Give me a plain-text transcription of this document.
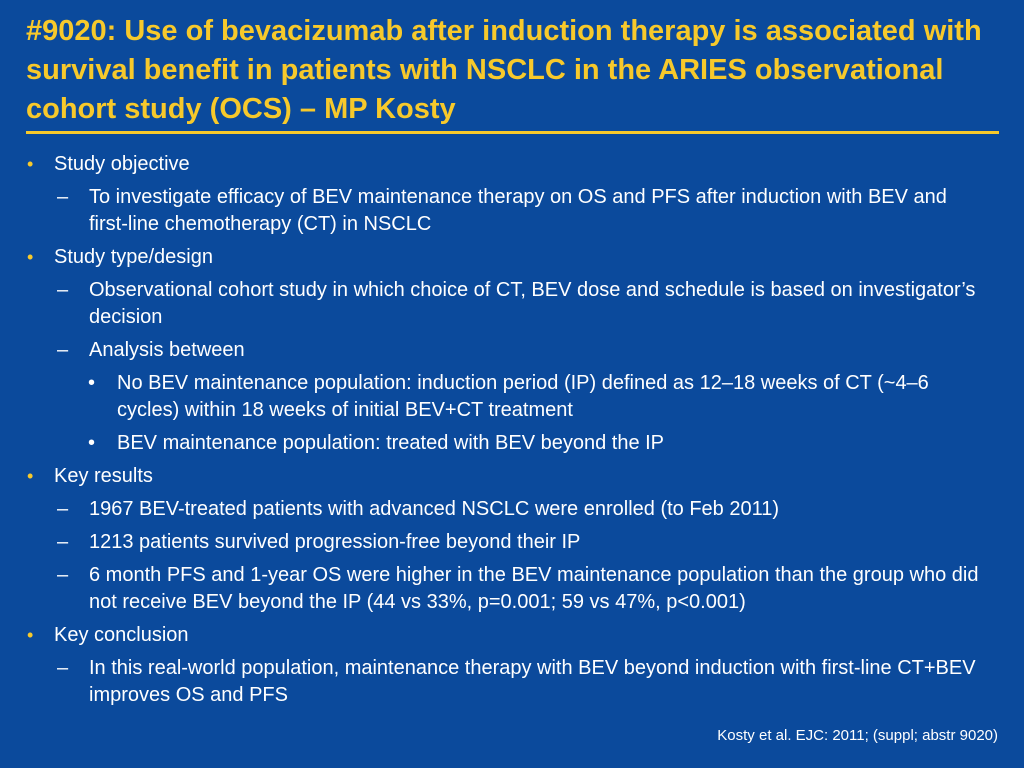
#9020: Use of bevacizumab after induction therapy is associated with survival benefit in patients with NSCLC in the ARIES observational cohort study (OCS) – MP Kosty

• Study objective

– To investigate efficacy of BEV maintenance therapy on OS and PFS after induction with BEV and first-line chemotherapy (CT) in NSCLC

• Study type/design

– Observational cohort study in which choice of CT, BEV dose and schedule is based on investigator’s decision

– Analysis between

• No BEV maintenance population: induction period (IP) defined as 12–18 weeks of CT (~4–6 cycles) within 18 weeks of initial BEV+CT treatment

• BEV maintenance population: treated with BEV beyond the IP

• Key results

– 1967 BEV-treated patients with advanced NSCLC were enrolled (to Feb 2011)

– 1213 patients survived progression-free beyond their IP

– 6 month PFS and 1-year OS were higher in the BEV maintenance population than the group who did not receive BEV beyond the IP (44 vs 33%, p=0.001; 59 vs 47%, p<0.001)

• Key conclusion

– In this real-world population, maintenance therapy with BEV beyond induction with first-line CT+BEV improves OS and PFS

Kosty et al. EJC: 2011; (suppl; abstr 9020)
